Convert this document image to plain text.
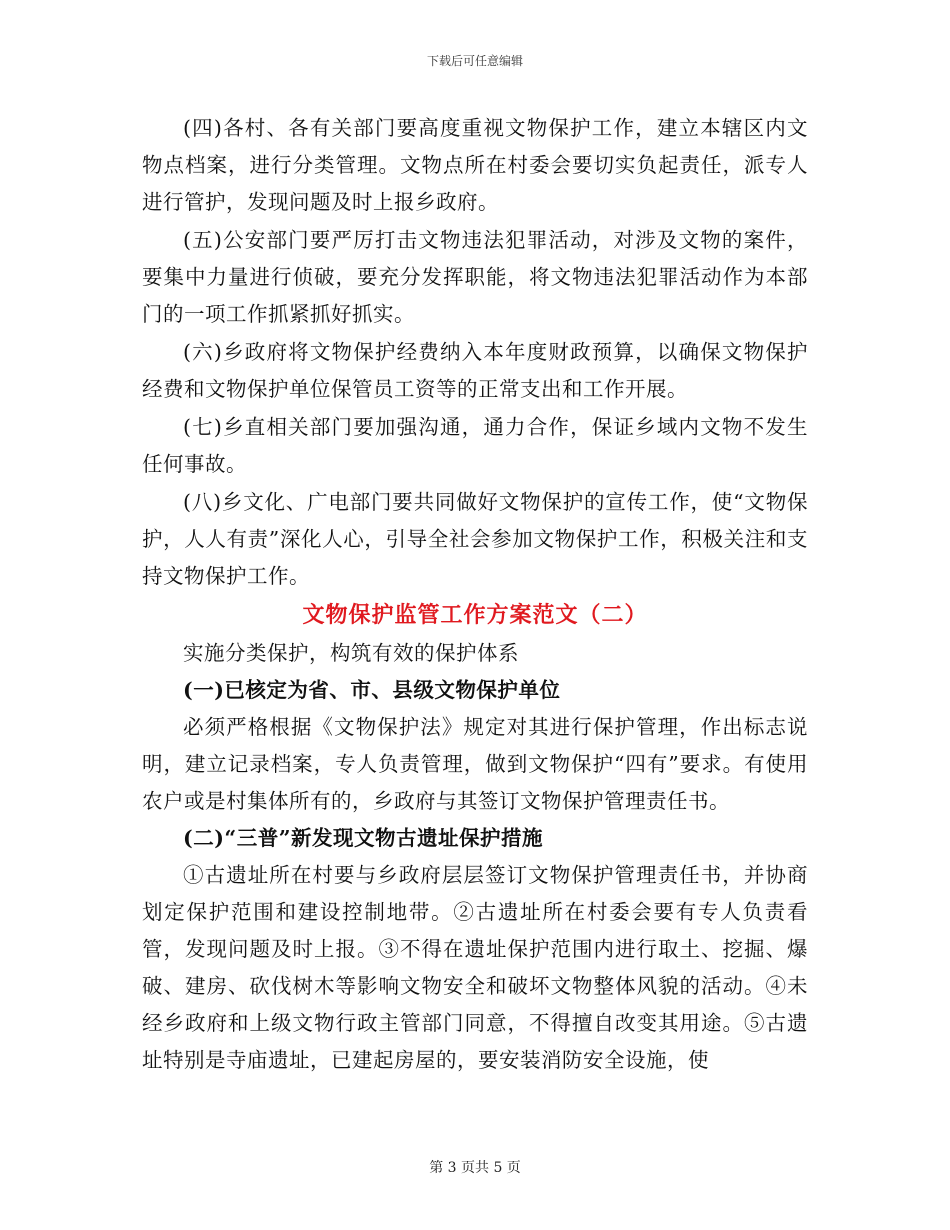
下载后可任意编辑

(四)各村、各有关部门要高度重视文物保护工作，建立本辖区内文物点档案，进行分类管理。文物点所在村委会要切实负起责任，派专人进行管护，发现问题及时上报乡政府。

(五)公安部门要严厉打击文物违法犯罪活动，对涉及文物的案件，要集中力量进行侦破，要充分发挥职能，将文物违法犯罪活动作为本部门的一项工作抓紧抓好抓实。

(六)乡政府将文物保护经费纳入本年度财政预算，以确保文物保护经费和文物保护单位保管员工资等的正常支出和工作开展。

(七)乡直相关部门要加强沟通，通力合作，保证乡域内文物不发生任何事故。

(八)乡文化、广电部门要共同做好文物保护的宣传工作，使“文物保护，人人有责”深化人心，引导全社会参加文物保护工作，积极关注和支持文物保护工作。

文物保护监管工作方案范文（二）

实施分类保护，构筑有效的保护体系

(一)已核定为省、市、县级文物保护单位

必须严格根据《文物保护法》规定对其进行保护管理，作出标志说明，建立记录档案，专人负责管理，做到文物保护“四有”要求。有使用农户或是村集体所有的，乡政府与其签订文物保护管理责任书。

(二)“三普”新发现文物古遗址保护措施

①古遗址所在村要与乡政府层层签订文物保护管理责任书，并协商划定保护范围和建设控制地带。②古遗址所在村委会要有专人负责看管，发现问题及时上报。③不得在遗址保护范围内进行取土、挖掘、爆破、建房、砍伐树木等影响文物安全和破坏文物整体风貌的活动。④未经乡政府和上级文物行政主管部门同意，不得擅自改变其用途。⑤古遗址特别是寺庙遗址，已建起房屋的，要安装消防安全设施，使

第 3 页共 5 页
